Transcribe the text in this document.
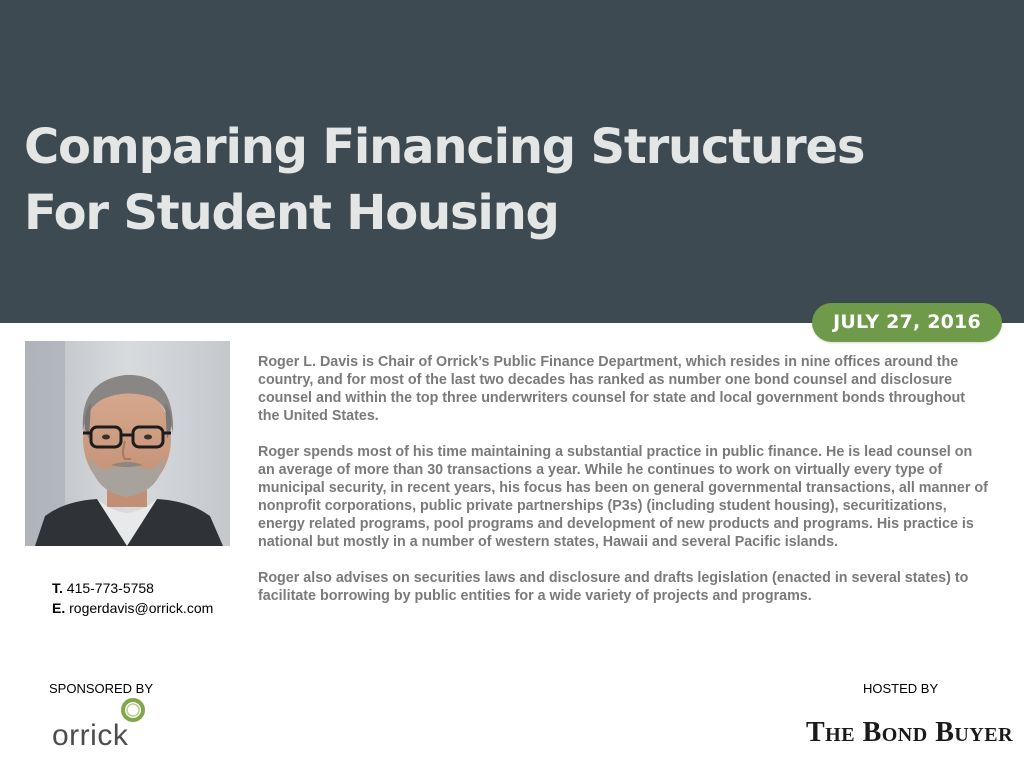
Comparing Financing Structures
For Student Housing
JULY 27, 2016
T. 415-773-5758
E. rogerdavis@orrick.com

Roger L. Davis is Chair of Orrick’s Public Finance Department, which resides in nine offices around the country, and for most of the last two decades has ranked as number one bond counsel and disclosure counsel and within the top three underwriters counsel for state and local government bonds throughout the United States.

Roger spends most of his time maintaining a substantial practice in public finance. He is lead counsel on an average of more than 30 transactions a year. While he continues to work on virtually every type of municipal security, in recent years, his focus has been on general governmental transactions, all manner of nonprofit corporations, public private partnerships (P3s) (including student housing), securitizations, energy related programs, pool programs and development of new products and programs. His practice is national but mostly in a number of western states, Hawaii and several Pacific islands.

Roger also advises on securities laws and disclosure and drafts legislation (enacted in several states) to facilitate borrowing by public entities for a wide variety of projects and programs.

SPONSORED BY	HOSTED BY
orrick	The Bond Buyer
